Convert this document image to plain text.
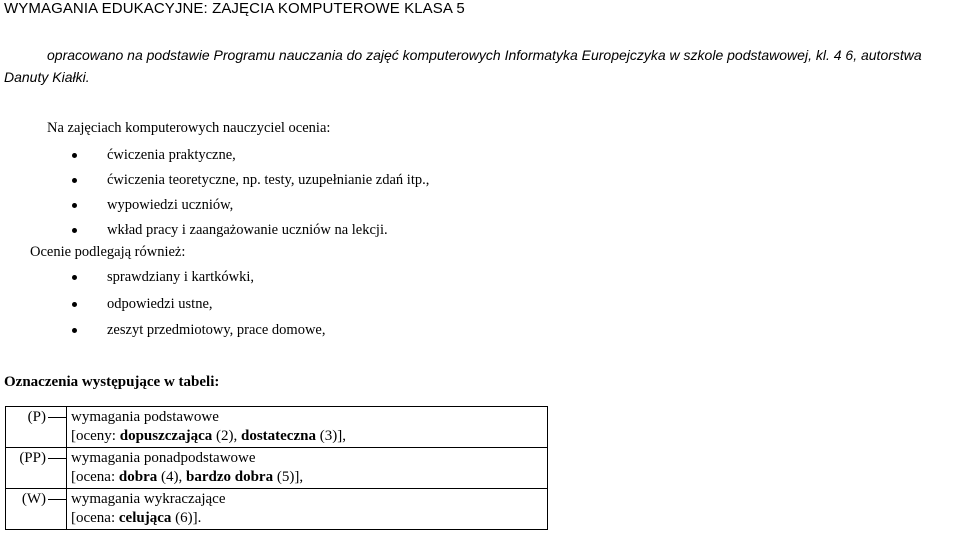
WYMAGANIA EDUKACYJNE: ZAJĘCIA KOMPUTEROWE KLASA 5
opracowano na podstawie Programu nauczania do zajęć komputerowych Informatyka Europejczyka w szkole podstawowej, kl. 4 6, autorstwa
Danuty Kiałki.
Na zajęciach komputerowych nauczyciel ocenia:
ćwiczenia praktyczne,
ćwiczenia teoretyczne, np. testy, uzupełnianie zdań itp.,
wypowiedzi uczniów,
wkład pracy i zaangażowanie uczniów na lekcji.
Ocenie podlegają również:
sprawdziany i kartkówki,
odpowiedzi ustne,
zeszyt przedmiotowy, prace domowe,
Oznaczenia występujące w tabeli:
(P)	wymagania podstawowe
[oceny: dopuszczająca (2), dostateczna (3)],

(PP)	wymagania ponadpodstawowe
[ocena: dobra (4), bardzo dobra (5)],

(W)	wymagania wykraczające
[ocena: celująca (6)].
